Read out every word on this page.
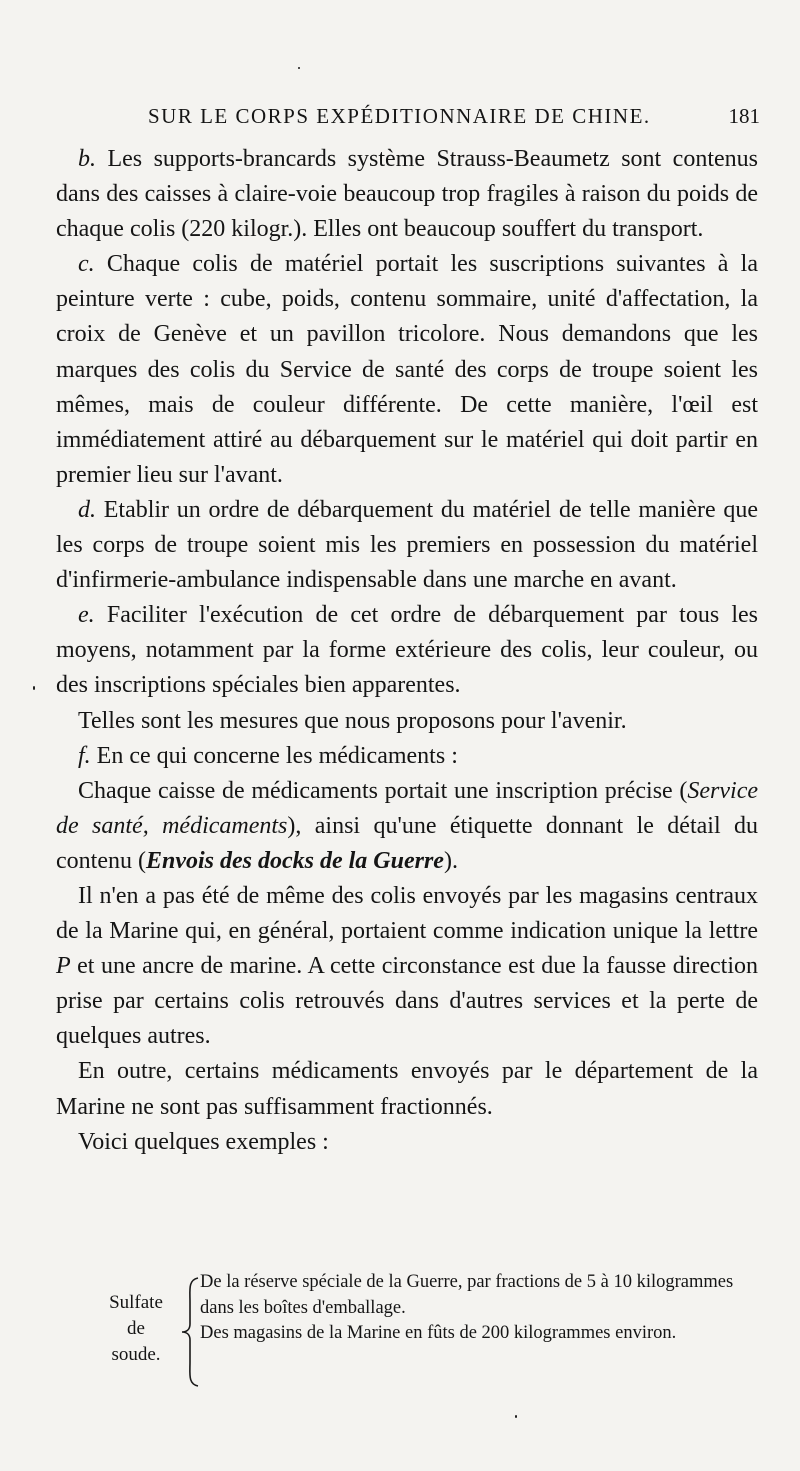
SUR LE CORPS EXPÉDITIONNAIRE DE CHINE.	181

b. Les supports-brancards système Strauss-Beaumetz sont contenus dans des caisses à claire-voie beaucoup trop fragiles à raison du poids de chaque colis (220 kilogr.). Elles ont beaucoup souffert du transport.

c. Chaque colis de matériel portait les suscriptions suivantes à la peinture verte : cube, poids, contenu sommaire, unité d'affectation, la croix de Genève et un pavillon tricolore. Nous demandons que les marques des colis du Service de santé des corps de troupe soient les mêmes, mais de couleur différente. De cette manière, l'œil est immédiatement attiré au débarquement sur le matériel qui doit partir en premier lieu sur l'avant.

d. Etablir un ordre de débarquement du matériel de telle manière que les corps de troupe soient mis les premiers en possession du matériel d'infirmerie-ambulance indispensable dans une marche en avant.

e. Faciliter l'exécution de cet ordre de débarquement par tous les moyens, notamment par la forme extérieure des colis, leur couleur, ou des inscriptions spéciales bien apparentes.

Telles sont les mesures que nous proposons pour l'avenir.

f. En ce qui concerne les médicaments :

Chaque caisse de médicaments portait une inscription précise (Service de santé, médicaments), ainsi qu'une étiquette donnant le détail du contenu (Envois des docks de la Guerre).

Il n'en a pas été de même des colis envoyés par les magasins centraux de la Marine qui, en général, portaient comme indication unique la lettre P et une ancre de marine. A cette circonstance est due la fausse direction prise par certains colis retrouvés dans d'autres services et la perte de quelques autres.

En outre, certains médicaments envoyés par le département de la Marine ne sont pas suffisamment fractionnés.

Voici quelques exemples :

Sulfate
de
soude.

De la réserve spéciale de la Guerre, par fractions de 5 à 10 kilogrammes dans les boîtes d'emballage.

Des magasins de la Marine en fûts de 200 kilogrammes environ.
